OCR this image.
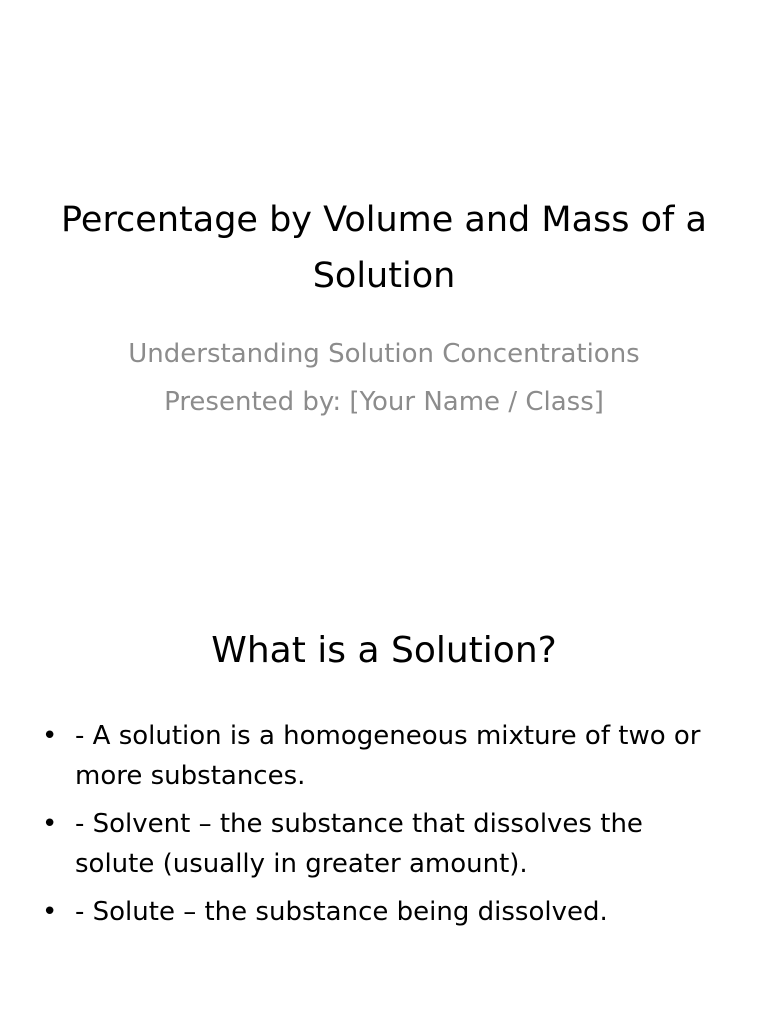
Percentage by Volume and Mass of a Solution
Understanding Solution Concentrations
Presented by: [Your Name / Class]
What is a Solution?
• - A solution is a homogeneous mixture of two or more substances.
• - Solvent – the substance that dissolves the solute (usually in greater amount).
• - Solute – the substance being dissolved.
